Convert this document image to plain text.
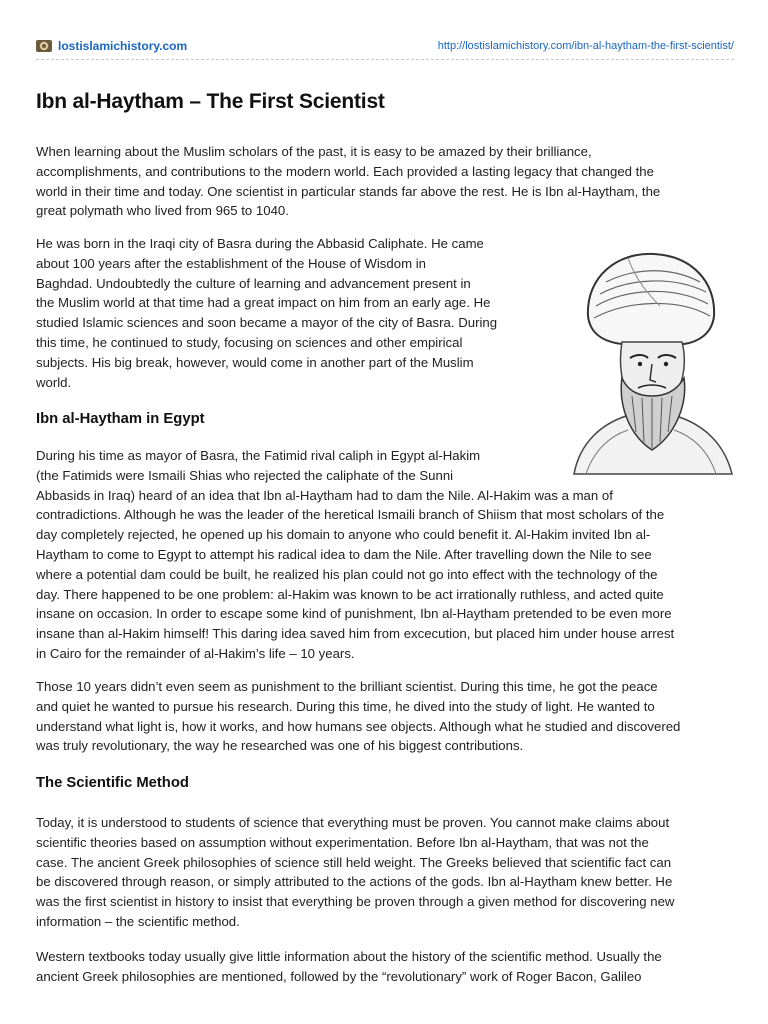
lostislamichistory.com	http://lostislamichistory.com/ibn-al-haytham-the-first-scientist/
Ibn al-Haytham – The First Scientist
When learning about the Muslim scholars of the past, it is easy to be amazed by their brilliance,
accomplishments, and contributions to the modern world. Each provided a lasting legacy that changed the
world in their time and today. One scientist in particular stands far above the rest. He is Ibn al-Haytham, the
great polymath who lived from 965 to 1040.
He was born in the Iraqi city of Basra during the Abbasid Caliphate. He came
about 100 years after the establishment of the House of Wisdom in
Baghdad. Undoubtedly the culture of learning and advancement present in
the Muslim world at that time had a great impact on him from an early age. He
studied Islamic sciences and soon became a mayor of the city of Basra. During
this time, he continued to study, focusing on sciences and other empirical
subjects. His big break, however, would come in another part of the Muslim
world.
Ibn al-Haytham in Egypt
During his time as mayor of Basra, the Fatimid rival caliph in Egypt al-Hakim
(the Fatimids were Ismaili Shias who rejected the caliphate of the Sunni
Abbasids in Iraq) heard of an idea that Ibn al-Haytham had to dam the Nile. Al-Hakim was a man of
contradictions. Although he was the leader of the heretical Ismaili branch of Shiism that most scholars of the
day completely rejected, he opened up his domain to anyone who could benefit it. Al-Hakim invited Ibn al-
Haytham to come to Egypt to attempt his radical idea to dam the Nile. After travelling down the Nile to see
where a potential dam could be built, he realized his plan could not go into effect with the technology of the
day. There happened to be one problem: al-Hakim was known to be act irrationally ruthless, and acted quite
insane on occasion. In order to escape some kind of punishment, Ibn al-Haytham pretended to be even more
insane than al-Hakim himself! This daring idea saved him from excecution, but placed him under house arrest
in Cairo for the remainder of al-Hakim’s life – 10 years.
Those 10 years didn’t even seem as punishment to the brilliant scientist. During this time, he got the peace
and quiet he wanted to pursue his research. During this time, he dived into the study of light. He wanted to
understand what light is, how it works, and how humans see objects. Although what he studied and discovered
was truly revolutionary, the way he researched was one of his biggest contributions.
The Scientific Method
Today, it is understood to students of science that everything must be proven. You cannot make claims about
scientific theories based on assumption without experimentation. Before Ibn al-Haytham, that was not the
case. The ancient Greek philosophies of science still held weight. The Greeks believed that scientific fact can
be discovered through reason, or simply attributed to the actions of the gods. Ibn al-Haytham knew better. He
was the first scientist in history to insist that everything be proven through a given method for discovering new
information – the scientific method.
Western textbooks today usually give little information about the history of the scientific method. Usually the
ancient Greek philosophies are mentioned, followed by the “revolutionary” work of Roger Bacon, Galileo
